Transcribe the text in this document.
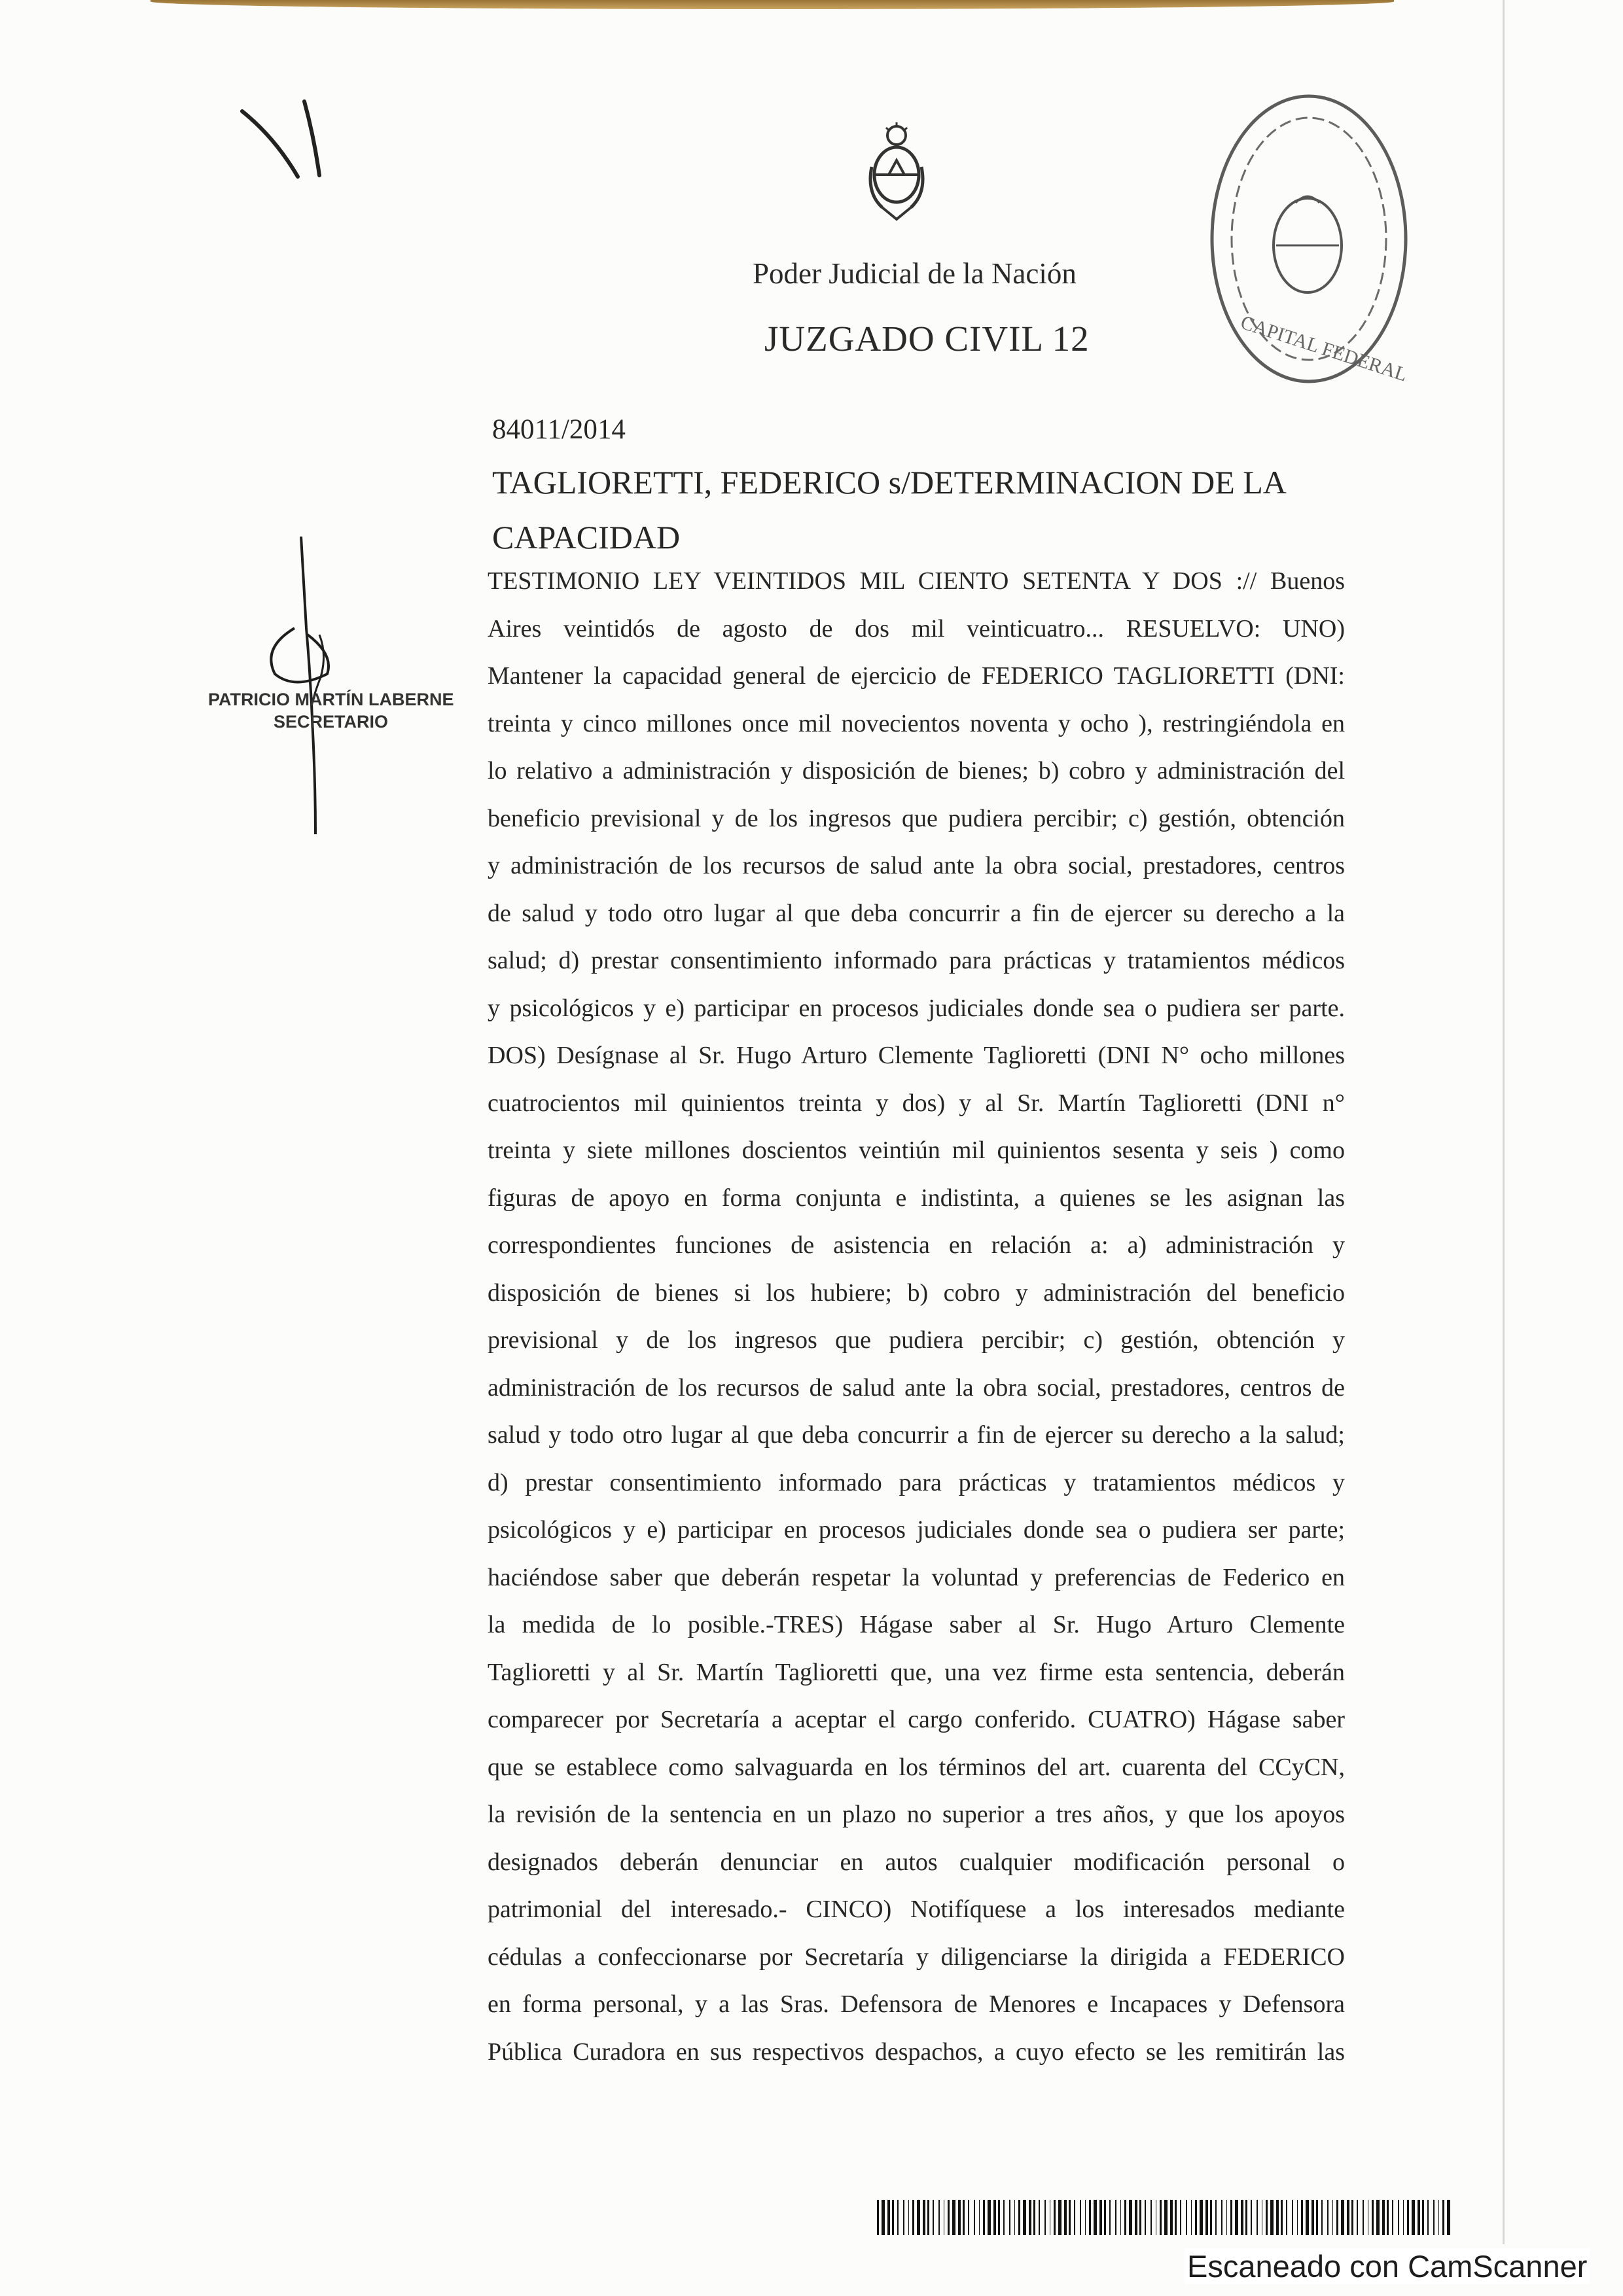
Poder Judicial de la Nación
JUZGADO CIVIL 12	CAPITAL FEDERAL
84011/2014
TAGLIORETTI, FEDERICO s/DETERMINACION DE LA
CAPACIDAD
TESTIMONIO LEY VEINTIDOS MIL CIENTO SETENTA Y DOS :// Buenos
Aires veintidós de agosto de dos mil veinticuatro... RESUELVO: UNO)
Mantener la capacidad general de ejercicio de FEDERICO TAGLIORETTI (DNI:
treinta y cinco millones once mil novecientos noventa y ocho ), restringiéndola en
lo relativo a administración y disposición de bienes; b) cobro y administración del
beneficio previsional y de los ingresos que pudiera percibir; c) gestión, obtención
y administración de los recursos de salud ante la obra social, prestadores, centros
de salud y todo otro lugar al que deba concurrir a fin de ejercer su derecho a la
salud; d) prestar consentimiento informado para prácticas y tratamientos médicos
y psicológicos y e) participar en procesos judiciales donde sea o pudiera ser parte.
DOS) Desígnase al Sr. Hugo Arturo Clemente Taglioretti (DNI N° ocho millones
cuatrocientos mil quinientos treinta y dos) y al Sr. Martín Taglioretti (DNI n°
treinta y siete millones doscientos veintiún mil quinientos sesenta y seis ) como
figuras de apoyo en forma conjunta e indistinta, a quienes se les asignan las
correspondientes funciones de asistencia en relación a: a) administración y
disposición de bienes si los hubiere; b) cobro y administración del beneficio
previsional y de los ingresos que pudiera percibir; c) gestión, obtención y
administración de los recursos de salud ante la obra social, prestadores, centros de
salud y todo otro lugar al que deba concurrir a fin de ejercer su derecho a la salud;
d) prestar consentimiento informado para prácticas y tratamientos médicos y
psicológicos y e) participar en procesos judiciales donde sea o pudiera ser parte;
haciéndose saber que deberán respetar la voluntad y preferencias de Federico en
la medida de lo posible.-TRES) Hágase saber al Sr. Hugo Arturo Clemente
Taglioretti y al Sr. Martín Taglioretti que, una vez firme esta sentencia, deberán
comparecer por Secretaría a aceptar el cargo conferido. CUATRO) Hágase saber
que se establece como salvaguarda en los términos del art. cuarenta del CCyCN,
la revisión de la sentencia en un plazo no superior a tres años, y que los apoyos
designados deberán denunciar en autos cualquier modificación personal o
patrimonial del interesado.- CINCO) Notifíquese a los interesados mediante
cédulas a confeccionarse por Secretaría y diligenciarse la dirigida a FEDERICO
en forma personal, y a las Sras. Defensora de Menores e Incapaces y Defensora
Pública Curadora en sus respectivos despachos, a cuyo efecto se les remitirán las
PATRICIO MARTÍN LABERNE
SECRETARIO
Escaneado con CamScanner
